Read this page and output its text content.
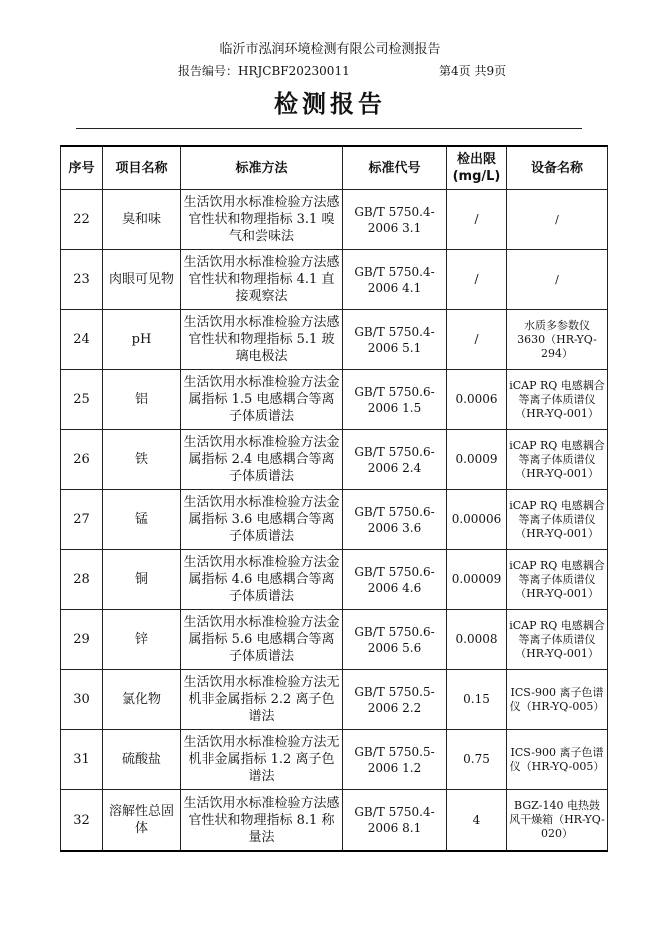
临沂市泓润环境检测有限公司检测报告
报告编号：HRJCBF20230011	第4页 共9页
检测报告
序号	项目名称	标准方法	标准代号	检出限(mg/L)	设备名称
22	臭和味	生活饮用水标准检验方法感官性状和物理指标 3.1 嗅气和尝味法	GB/T 5750.4-2006 3.1	/	/
23	肉眼可见物	生活饮用水标准检验方法感官性状和物理指标 4.1 直接观察法	GB/T 5750.4-2006 4.1	/	/
24	pH	生活饮用水标准检验方法感官性状和物理指标 5.1 玻璃电极法	GB/T 5750.4-2006 5.1	/	水质多参数仪 3630（HR-YQ-294）
25	铝	生活饮用水标准检验方法金属指标 1.5 电感耦合等离子体质谱法	GB/T 5750.6-2006 1.5	0.0006	iCAP RQ 电感耦合等离子体质谱仪（HR-YQ-001）
26	铁	生活饮用水标准检验方法金属指标 2.4 电感耦合等离子体质谱法	GB/T 5750.6-2006 2.4	0.0009	iCAP RQ 电感耦合等离子体质谱仪（HR-YQ-001）
27	锰	生活饮用水标准检验方法金属指标 3.6 电感耦合等离子体质谱法	GB/T 5750.6-2006 3.6	0.00006	iCAP RQ 电感耦合等离子体质谱仪（HR-YQ-001）
28	铜	生活饮用水标准检验方法金属指标 4.6 电感耦合等离子体质谱法	GB/T 5750.6-2006 4.6	0.00009	iCAP RQ 电感耦合等离子体质谱仪（HR-YQ-001）
29	锌	生活饮用水标准检验方法金属指标 5.6 电感耦合等离子体质谱法	GB/T 5750.6-2006 5.6	0.0008	iCAP RQ 电感耦合等离子体质谱仪（HR-YQ-001）
30	氯化物	生活饮用水标准检验方法无机非金属指标 2.2 离子色谱法	GB/T 5750.5-2006 2.2	0.15	ICS-900 离子色谱仪（HR-YQ-005）
31	硫酸盐	生活饮用水标准检验方法无机非金属指标 1.2 离子色谱法	GB/T 5750.5-2006 1.2	0.75	ICS-900 离子色谱仪（HR-YQ-005）
32	溶解性总固体	生活饮用水标准检验方法感官性状和物理指标 8.1 称量法	GB/T 5750.4-2006 8.1	4	BGZ-140 电热鼓风干燥箱（HR-YQ-020）
